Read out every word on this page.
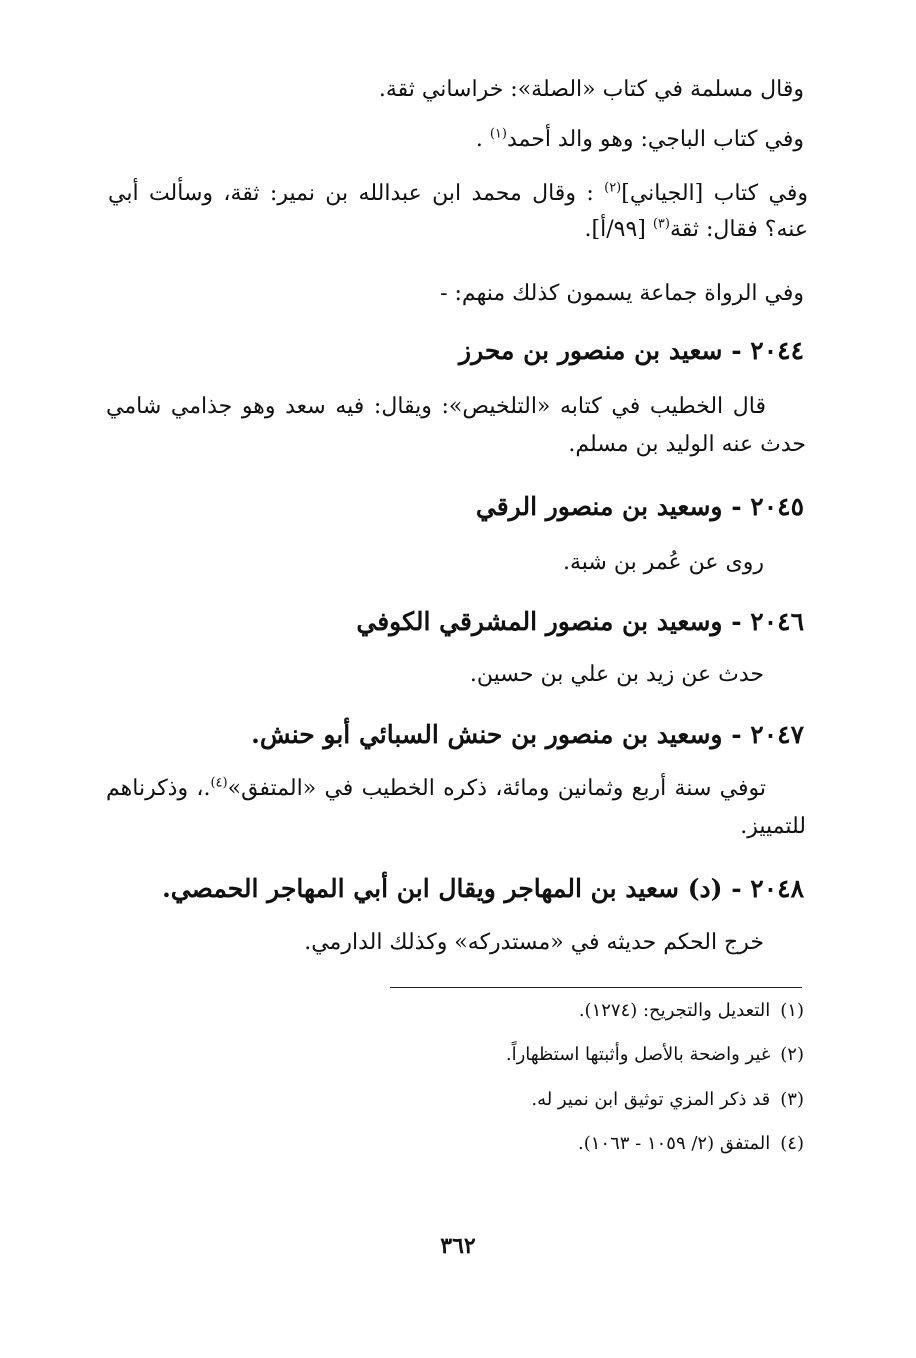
وقال مسلمة في كتاب «الصلة»: خراساني ثقة.
وفي كتاب الباجي: وهو والد أحمد$^{(١)}$ .
وفي كتاب [الجياني]$^{(٢)}$ : وقال محمد ابن عبدالله بن نمير: ثقة، وسألت أبي عنه؟ فقال: ثقة$^{(٣)}$ [٩٩/أ].
وفي الرواة جماعة يسمون كذلك منهم: -
٢٠٤٤ - سعيد بن منصور بن محرز
قال الخطيب في كتابه «التلخيص»: ويقال: فيه سعد وهو جذامي شامي حدث عنه الوليد بن مسلم.
٢٠٤٥ - وسعيد بن منصور الرقي
روى عن عُمر بن شبة.
٢٠٤٦ - وسعيد بن منصور المشرقي الكوفي
حدث عن زيد بن علي بن حسين.
٢٠٤٧ - وسعيد بن منصور بن حنش السبائي أبو حنش.
توفي سنة أربع وثمانين ومائة، ذكره الخطيب في «المتفق»$^{(٤)}$.، وذكرناهم للتمييز.
٢٠٤٨ - (د) سعيد بن المهاجر ويقال ابن أبي المهاجر الحمصي.
خرج الحكم حديثه في «مستدركه» وكذلك الدارمي.
(١)التعديل والتجريح: (١٢٧٤).
(٢)غير واضحة بالأصل وأثبتها استظهاراً.
(٣)قد ذكر المزي توثيق ابن نمير له.
(٤)المتفق (٢/ ١٠٥٩ - ١٠٦٣).
٣٦٢
